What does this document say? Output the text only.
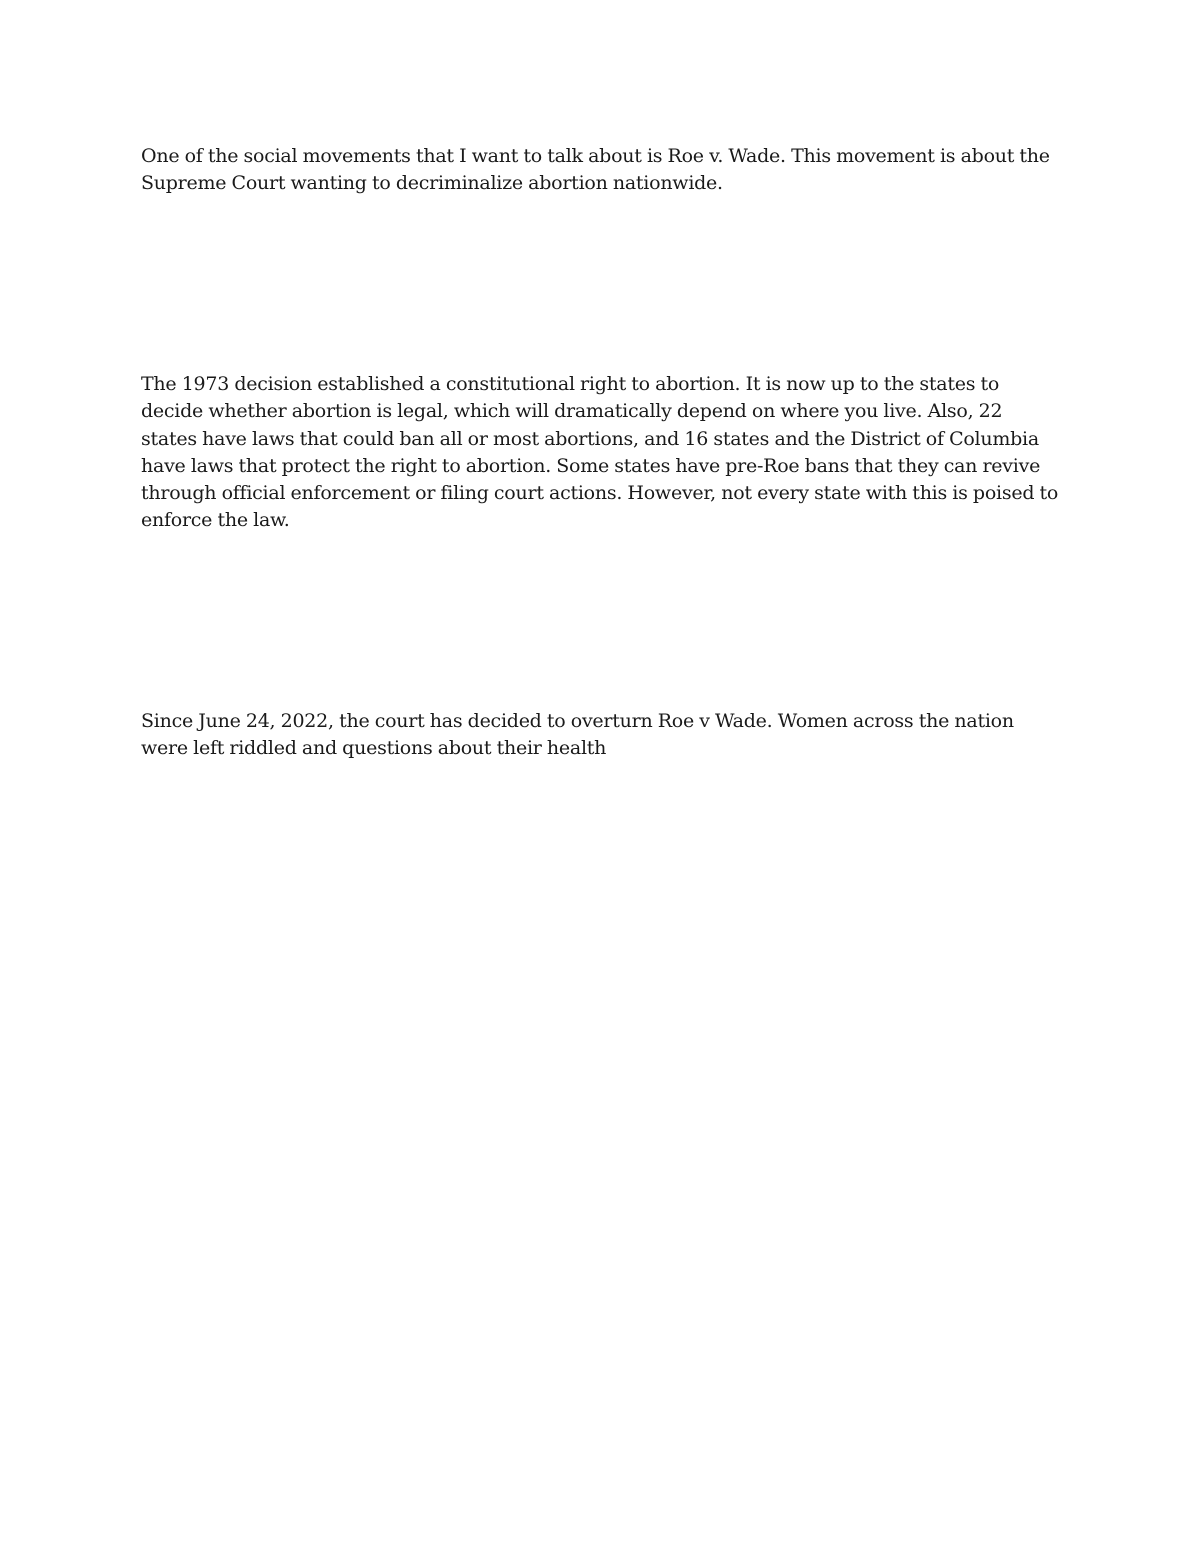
One of the social movements that I want to talk about is Roe v. Wade. This movement is about the Supreme Court wanting to decriminalize abortion nationwide.

The 1973 decision established a constitutional right to abortion. It is now up to the states to decide whether abortion is legal, which will dramatically depend on where you live. Also, 22 states have laws that could ban all or most abortions, and 16 states and the District of Columbia have laws that protect the right to abortion. Some states have pre-Roe bans that they can revive through official enforcement or filing court actions. However, not every state with this is poised to enforce the law.

Since June 24, 2022, the court has decided to overturn Roe v Wade. Women across the nation were left riddled and questions about their health
